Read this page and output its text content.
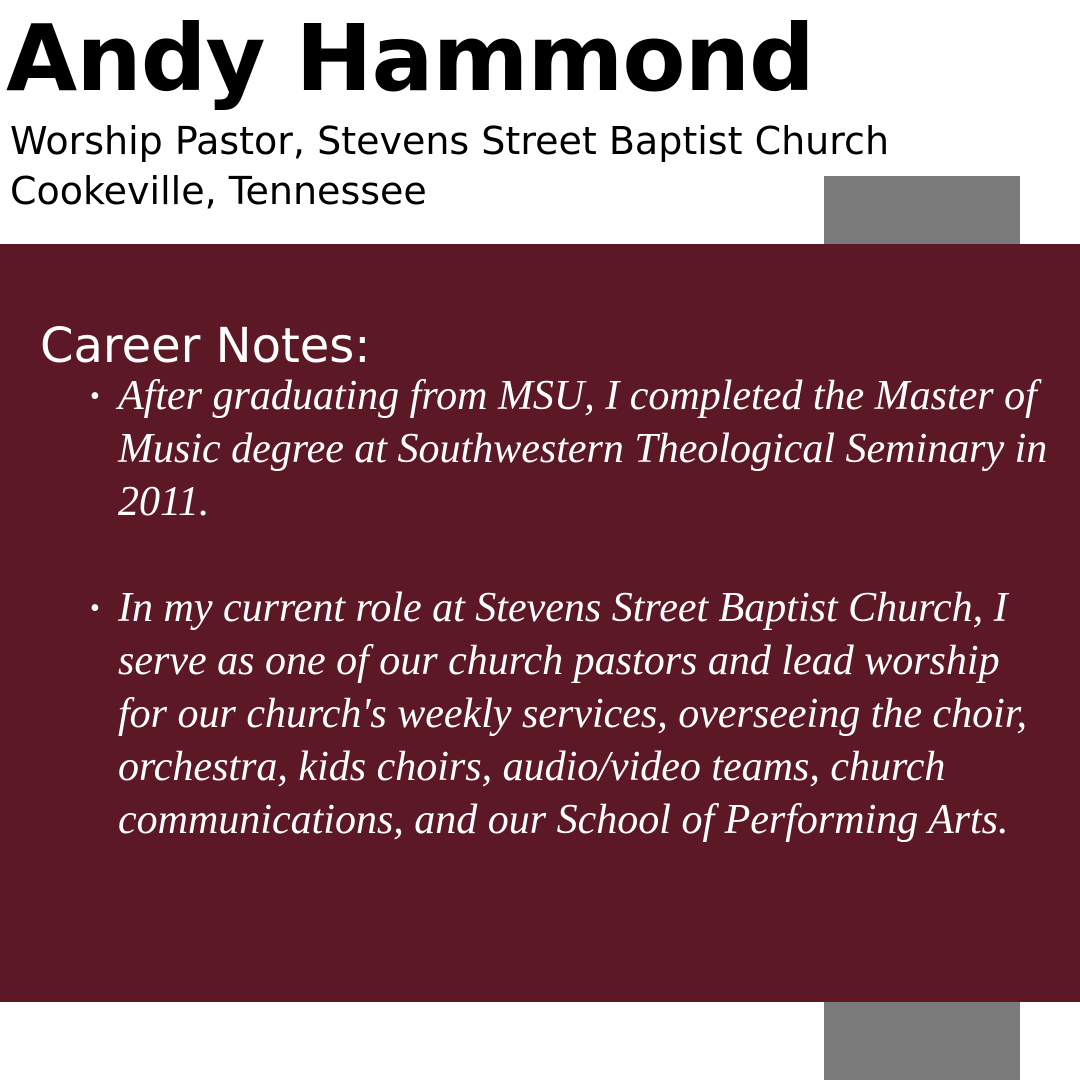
Andy Hammond
Worship Pastor, Stevens Street Baptist Church
Cookeville, Tennessee
Career Notes:
• After graduating from MSU, I completed the Master of Music degree at Southwestern Theological Seminary in 2011.
• In my current role at Stevens Street Baptist Church, I serve as one of our church pastors and lead worship for our church's weekly services, overseeing the choir, orchestra, kids choirs, audio/video teams, church communications, and our School of Performing Arts.
